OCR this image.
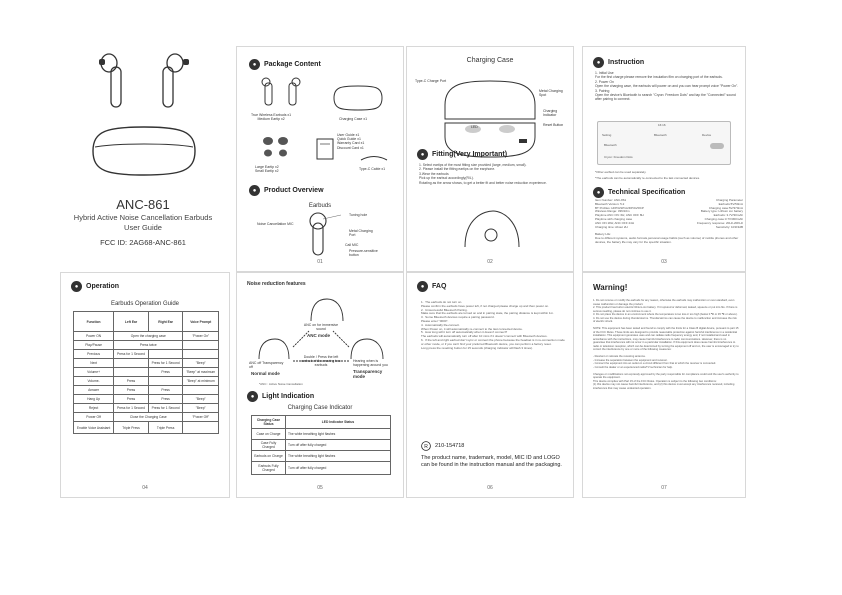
ANC-861
Hybrid Active Noise Cancellation Earbuds
User Guide
FCC ID: 2AG68-ANC-861
●	Package Content
True Wireless Earbuds x1
Medium Eartip x2	Charging Case x1
Large Eartip x2
Small Eartip x2
User Guide x1
Quick Guide x1
Warranty Card x1
Discount Card x1
Type-C Cable x1
●	Product Overview
Earbuds
Noise Cancellation MIC
Tuning hole
Metal Charging Port
Call MIC
Pressure-sensitive button
01
Charging Case
Type-C Charge Port
Metal Charging Spot
Charging Indicator
Reset Button
LED
●	Fitting(Very Important)
1. Select eartips of the most fitting size provided (large, medium, small).
2. Please install the fitting eartips on the earphone.
3.Wear the earbuds
Pick up the earbud accordingly(R/L).
Rotating as the arrow shows, to get a better fit and better noise reduction experience.
02
●	Instruction
1. Initial Use
For the first charge please remove the insulation film on charging port of the earbuds.
2. Power On
Open the charging case, the earbuds will power on and you can hear prompt voice "Power On".
3. Pairing
Open the device's Bluetooth to search "Cryon: Freedom Dots" and tap the "Connected" sound after pairing to connect.
16:16
Setting	Bluetooth	Device
Bluetooth
Cryon: Freedom Dots
*Other earbud can be used separately.
*The earbuds can be automatically re-connected to the last connected devices.
●	Technical Specification
Item Number: ANC-861
Bluetooth Version: 5.2
BT Profiles: HFP/HSP/A2DP/AVRCP
Wireless Range: 33ft/10m
Playtime ANC ON: 6H; ANC OFF 8H
Playtime with charging case
ANC ON 18H; ANC OFF 24H
Charging time: About 2H
Charging Parameter
Earbuds:5V/50mA
Charging case:5V/370mA
Battery type: Lithium ion battery
Earbuds: 3.7V/30mAh
Charging case:3.7V/300mAh
Frequency response: 20Hz-20KHz
Sensitivity: 103±3dB
Battery Life:
Due to different systems, audio formats,personal usage habits (such as volume) of mobile phones and other devices, the battery life may vary for the specific situation.
03
●	Operation
Earbuds Operation Guide
Function	Left Ear	Right Ear	Voice Prompt
Power ON	Open the charging case		"Power On"
Play/Pause	Press twice		
Previous	Press for 1 Second		
Next		Press for 1 Second	"Beep"
Volume+		Press	"Beep" at maximum
Volume-	Press		"Beep" at minimum
Answer	Press	Press	
Hang Up	Press	Press	"Beep"
Reject	Press for 1 Second	Press for 1 Second	"Beep"
Power Off	Close the Charging Case		"Power Off"
Enable Voice Assistant	Triple Press	Triple Press	
04
Noise reduction features
ANC on for immersive sound
ANC mode
Double / Press the left earbud while wearing two earbuds
ANC off Transparency off
Normal mode
Hearing when is happening around you
Transparency mode
*ANC : Active Noise Cancellation
●	Light Indication
Charging Case Indicator
Charging Case Status	LED Indicator Status
Case on Charge	The white breathing light flashes
Case Fully Charged	Turn off after fully charged
Earbuds on Charge	The white breathing light flashes
Earbuds Fully Charged	Turn off after fully charged
05
●	FAQ
1.  The earbuds do not turn on.
Please confirm the earbuds have power left, if not charged please charge up and then power on.
2.  Unsuccessful Bluetooth Pairing.
Make sure that the earbuds are turned on and in pairing state, the pairing distance is kept within 1m.
3.  Some Bluetooth devices require a pairing password.
Please enter "0000".
4.  Automatically Re-connect.
When Power on, it will automatically re-connect to the last connected device.
5.  How long will it turn off automatically when it doesn't connect?
The earbuds will automatically turn off after 10 mins if it doesn't connect with Bluetooth devices.
6.  If the left and right earbud don't sync or connect the phone because the headset is in re-connection mode or other mode, or if you can't find your preferred Bluetooth device, you can perform a factory reset.
Long press the resetting button for 15 seconds (charging indicator will flash 3 times).
R 210-154718
The product name, trademark, model, MIC ID and LOGO can be found in the instruction manual and the packaging.
06
Warning!
1. Do not remove or modify the earbuds for any reason, otherwise the earbuds may malfunction or over-standard, even cause malfunction or damage the product.
2. This product has built-in electric lithium-ion battery. If it ruptured or deformed, leaked, squeeze or put into fire. If there is serious swelling, please do not continue to use it.
3. Do not place the device in an environment where the temperature is too low or too high (below 0 ℃ or 45 ℃ or above).
4. Do not use the device during thunderstorms. Thunderstorms can cause the device to malfunction and increase the risk of electric shock.

NOTE: This equipment has been tested and found to comply with the limits for a Class B digital device, pursuant to part 15 of the FCC Rules. These limits are designed to provide reasonable protection against harmful interference in a residential installation. This equipment generates uses and can radiate radio frequency energy and, if not installed and used in accordance with the instructions, may cause harmful interference to radio communications. However, there is no guarantee that interference will not occur in a particular installation. If this equipment does cause harmful interference to radio or television reception, which can be determined by turning the equipment off and on, the user is encouraged to try to correct the interference by one or more of the following measures:

- Reorient or relocate the receiving antenna.
- Increase the separation between the equipment and receiver.
- Connect the equipment into an outlet on a circuit different from that to which the receiver is connected.
- Consult the dealer or an experienced radio/TV technician for help.

Changes or modifications not expressly approved by the party responsible for compliance could void the user's authority to operate the equipment.
This device complies with Part 15 of the FCC Rules. Operation is subject to the following two conditions:
(1) this device may not cause harmful interference, and (2) this device must accept any interference received, including interference that may cause undesired operation.
07
